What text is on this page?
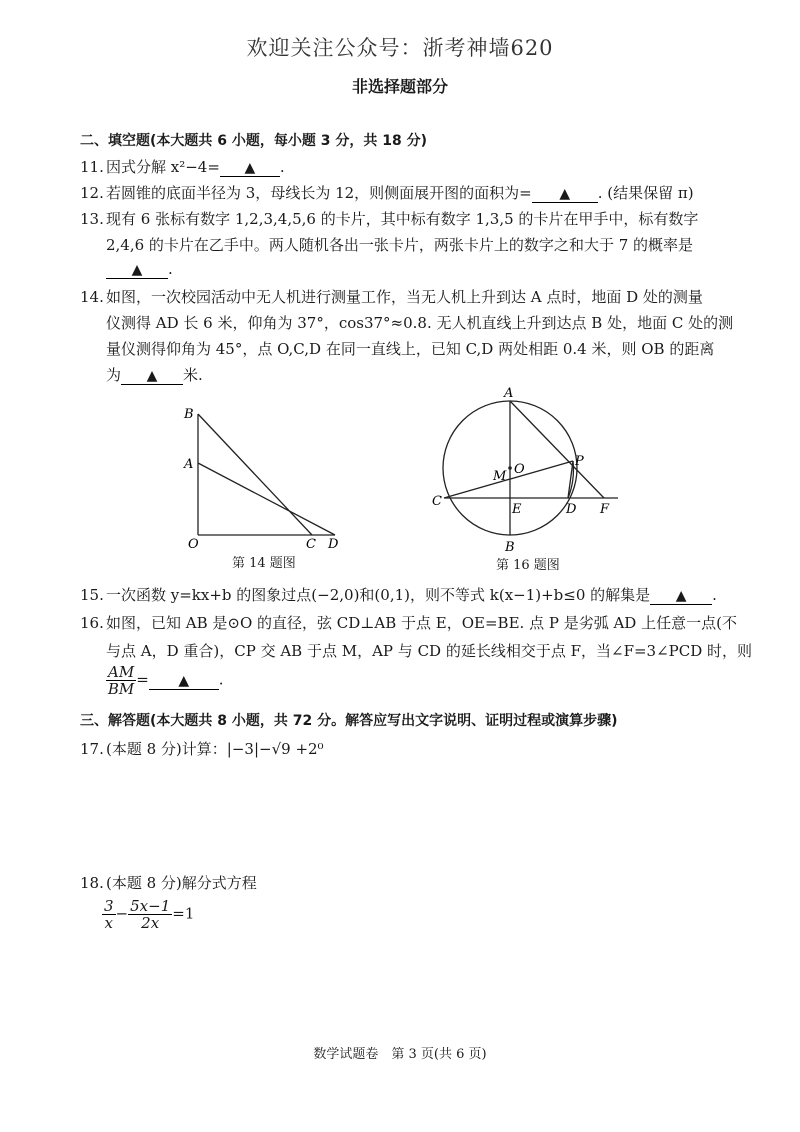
欢迎关注公众号：浙考神墙620
非选择题部分
二、填空题(本大题共 6 小题，每小题 3 分，共 18 分)
11. 因式分解 x²−4= ▲ .
12. 若圆锥的底面半径为 3，母线长为 12，则侧面展开图的面积为= ▲ . (结果保留 π)
13. 现有 6 张标有数字 1,2,3,4,5,6 的卡片，其中标有数字 1,3,5 的卡片在甲手中，标有数字
2,4,6 的卡片在乙手中。两人随机各出一张卡片，两张卡片上的数字之和大于 7 的概率是
▲ .
14. 如图，一次校园活动中无人机进行测量工作，当无人机上升到达 A 点时，地面 D 处的测量
仪测得 AD 长 6 米，仰角为 37°，cos37°≈0.8. 无人机直线上升到达点 B 处，地面 C 处的测
量仪测得仰角为 45°，点 O,C,D 在同一直线上，已知 C,D 两处相距 0.4 米，则 OB 的距离
为 ▲ 米.
B
A
O	C D
第 14 题图
A
B
C
D
E	F
M O
P
第 16 题图
15. 一次函数 y=kx+b 的图象过点(−2,0)和(0,1)，则不等式 k(x−1)+b≤0 的解集是 ▲ .
16. 如图，已知 AB 是⊙O 的直径，弦 CD⊥AB 于点 E，OE=BE. 点 P 是劣弧 AD 上任意一点(不
与点 A，D 重合)，CP 交 AB 于点 M，AP 与 CD 的延长线相交于点 F，当∠F=3∠PCD 时，则
$\frac{AM}{BM}$ = ▲ .
三、解答题(本大题共 8 小题，共 72 分。解答应写出文字说明、证明过程或演算步骤)
17. (本题 8 分)计算：|−3|−√9 +2⁰
18. (本题 8 分)解分式方程
$\frac{3}{x} - \frac{5x-1}{2x} =1$
数学试题卷　第 3 页(共 6 页)
